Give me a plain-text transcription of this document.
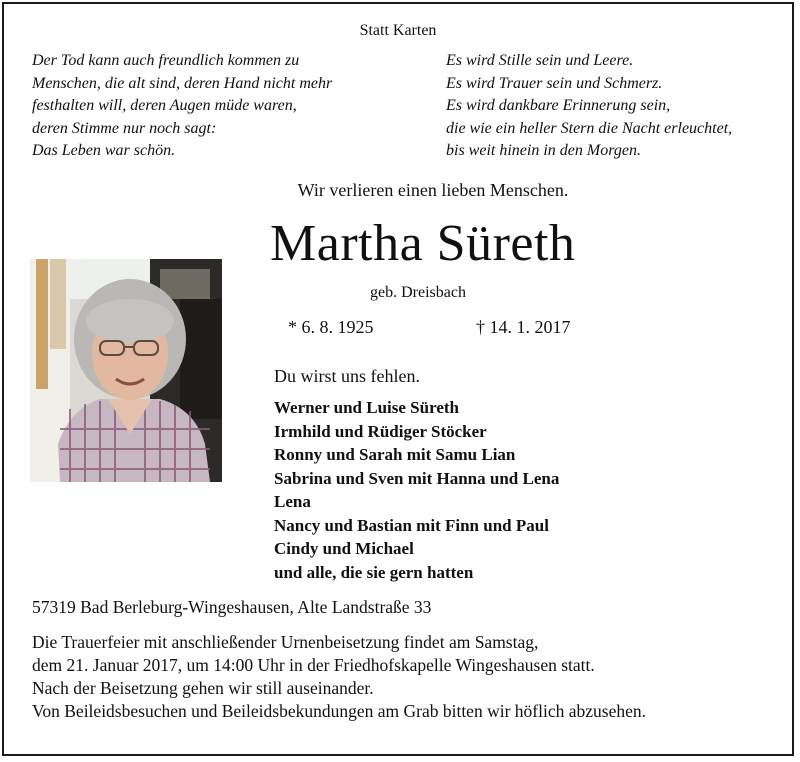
Statt Karten
Der Tod kann auch freundlich kommen zu
Menschen, die alt sind, deren Hand nicht mehr
festhalten will, deren Augen müde waren,
deren Stimme nur noch sagt:
Das Leben war schön.
Es wird Stille sein und Leere.
Es wird Trauer sein und Schmerz.
Es wird dankbare Erinnerung sein,
die wie ein heller Stern die Nacht erleuchtet,
bis weit hinein in den Morgen.
Wir verlieren einen lieben Menschen.
Martha Süreth
geb. Dreisbach
* 6. 8. 1925	† 14. 1. 2017
Du wirst uns fehlen.
Werner und Luise Süreth
Irmhild und Rüdiger Stöcker
Ronny und Sarah mit Samu Lian
Sabrina und Sven mit Hanna und Lena
Lena
Nancy und Bastian mit Finn und Paul
Cindy und Michael
und alle, die sie gern hatten
57319 Bad Berleburg-Wingeshausen, Alte Landstraße 33
Die Trauerfeier mit anschließender Urnenbeisetzung findet am Samstag,
dem 21. Januar 2017, um 14:00 Uhr in der Friedhofskapelle Wingeshausen statt.
Nach der Beisetzung gehen wir still auseinander.
Von Beileidsbesuchen und Beileidsbekundungen am Grab bitten wir höflich abzusehen.
